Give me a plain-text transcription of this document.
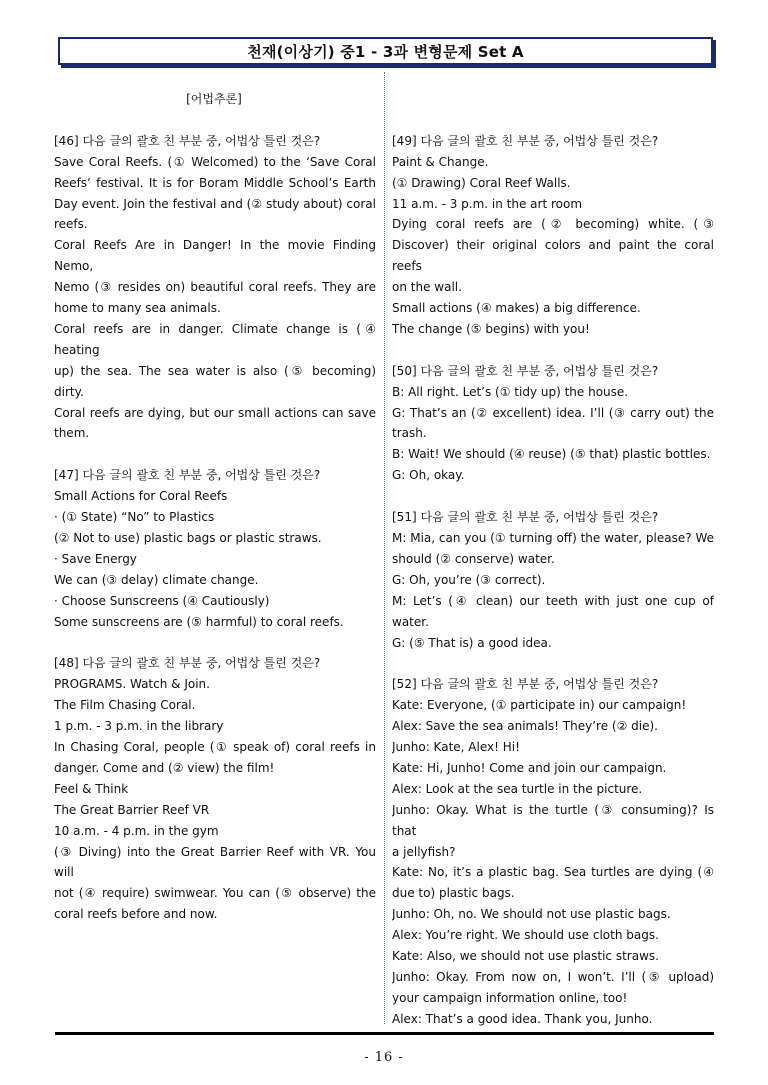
천재(이상기) 중1 - 3과 변형문제 Set A
[어법추론]
[46] 다음 글의 괄호 친 부분 중, 어법상 틀린 것은?
Save Coral Reefs. (① Welcomed) to the ‘Save Coral
Reefs’ festival. It is for Boram Middle School’s Earth
Day event. Join the festival and (② study about) coral
reefs.
Coral Reefs Are in Danger! In the movie Finding Nemo,
Nemo (③ resides on) beautiful coral reefs. They are
home to many sea animals.
Coral reefs are in danger. Climate change is (④ heating
up) the sea. The sea water is also (⑤ becoming) dirty.
Coral reefs are dying, but our small actions can save
them.
[47] 다음 글의 괄호 친 부분 중, 어법상 틀린 것은?
Small Actions for Coral Reefs
· (① State) “No” to Plastics
(② Not to use) plastic bags or plastic straws.
· Save Energy
We can (③ delay) climate change.
· Choose Sunscreens (④ Cautiously)
Some sunscreens are (⑤ harmful) to coral reefs.
[48] 다음 글의 괄호 친 부분 중, 어법상 틀린 것은?
PROGRAMS. Watch & Join.
The Film Chasing Coral.
1 p.m. - 3 p.m. in the library
In Chasing Coral, people (① speak of) coral reefs in
danger. Come and (② view) the film!
Feel & Think
The Great Barrier Reef VR
10 a.m. - 4 p.m. in the gym
(③ Diving) into the Great Barrier Reef with VR. You will
not (④ require) swimwear. You can (⑤ observe) the
coral reefs before and now.

[49] 다음 글의 괄호 친 부분 중, 어법상 틀린 것은?
Paint & Change.
(① Drawing) Coral Reef Walls.
11 a.m. - 3 p.m. in the art room
Dying coral reefs are (② becoming) white. (③
Discover) their original colors and paint the coral reefs
on the wall.
Small actions (④ makes) a big difference.
The change (⑤ begins) with you!
[50] 다음 글의 괄호 친 부분 중, 어법상 틀린 것은?
B: All right. Let’s (① tidy up) the house.
G: That’s an (② excellent) idea. I’ll (③ carry out) the
trash.
B: Wait! We should (④ reuse) (⑤ that) plastic bottles.
G: Oh, okay.
[51] 다음 글의 괄호 친 부분 중, 어법상 틀린 것은?
M: Mia, can you (① turning off) the water, please? We
should (② conserve) water.
G: Oh, you’re (③ correct).
M: Let’s (④ clean) our teeth with just one cup of
water.
G: (⑤ That is) a good idea.
[52] 다음 글의 괄호 친 부분 중, 어법상 틀린 것은?
Kate: Everyone, (① participate in) our campaign!
Alex: Save the sea animals! They’re (② die).
Junho: Kate, Alex! Hi!
Kate: Hi, Junho! Come and join our campaign.
Alex: Look at the sea turtle in the picture.
Junho: Okay. What is the turtle (③ consuming)? Is that
a jellyfish?
Kate: No, it’s a plastic bag. Sea turtles are dying (④
due to) plastic bags.
Junho: Oh, no. We should not use plastic bags.
Alex: You’re right. We should use cloth bags.
Kate: Also, we should not use plastic straws.
Junho: Okay. From now on, I won’t. I’ll (⑤ upload)
your campaign information online, too!
Alex: That’s a good idea. Thank you, Junho.
- 16 -
